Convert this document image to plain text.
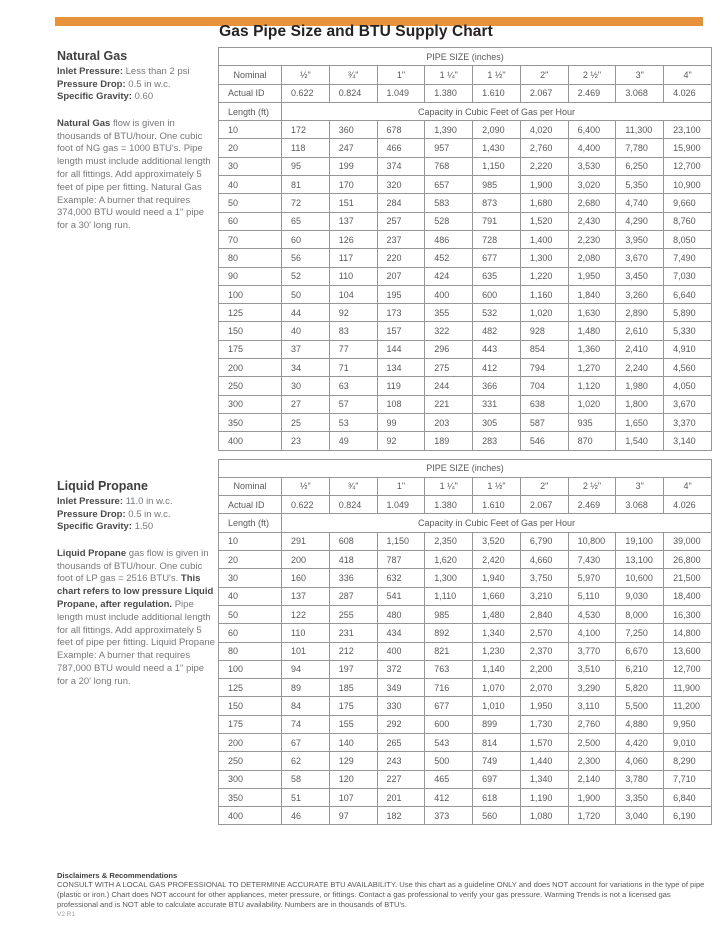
Gas Pipe Size and BTU Supply Chart
Natural Gas
Inlet Pressure: Less than 2 psi
Pressure Drop: 0.5 in w.c.
Specific Gravity: 0.60

Natural Gas flow is given in thousands of BTU/hour. One cubic foot of NG gas = 1000 BTU's. Pipe length must include additional length for all fittings. Add approximately 5 feet of pipe per fitting. Natural Gas Example: A burner that requires 374,000 BTU would need a 1" pipe for a 30' long run.

Liquid Propane
Inlet Pressure: 11.0 in w.c.
Pressure Drop: 0.5 in w.c.
Specific Gravity: 1.50

Liquid Propane gas flow is given in thousands of BTU/hour. One cubic foot of LP gas = 2516 BTU's. This chart refers to low pressure Liquid Propane, after regulation. Pipe length must include additional length for all fittings. Add approximately 5 feet of pipe per fitting. Liquid Propane Example: A burner that requires 787,000 BTU would need a 1" pipe for a 20' long run.

PIPE SIZE (inches)									
Nominal	½"	¾"	1"	1 ¼"	1 ½"	2"	2 ½"	3"	4"
Actual ID	0.622	0.824	1.049	1.380	1.610	2.067	2.469	3.068	4.026
Length (ft)	Capacity in Cubic Feet of Gas per Hour								
10	172	360	678	1,390	2,090	4,020	6,400	11,300	23,100
20	118	247	466	957	1,430	2,760	4,400	7,780	15,900
30	95	199	374	768	1,150	2,220	3,530	6,250	12,700
40	81	170	320	657	985	1,900	3,020	5,350	10,900
50	72	151	284	583	873	1,680	2,680	4,740	9,660
60	65	137	257	528	791	1,520	2,430	4,290	8,760
70	60	126	237	486	728	1,400	2,230	3,950	8,050
80	56	117	220	452	677	1,300	2,080	3,670	7,490
90	52	110	207	424	635	1,220	1,950	3,450	7,030
100	50	104	195	400	600	1,160	1,840	3,260	6,640
125	44	92	173	355	532	1,020	1,630	2,890	5,890
150	40	83	157	322	482	928	1,480	2,610	5,330
175	37	77	144	296	443	854	1,360	2,410	4,910
200	34	71	134	275	412	794	1,270	2,240	4,560
250	30	63	119	244	366	704	1,120	1,980	4,050
300	27	57	108	221	331	638	1,020	1,800	3,670
350	25	53	99	203	305	587	935	1,650	3,370
400	23	49	92	189	283	546	870	1,540	3,140
PIPE SIZE (inches)									
Nominal	½"	¾"	1"	1 ¼"	1 ½"	2"	2 ½"	3"	4"
Actual ID	0.622	0.824	1.049	1.380	1.610	2.067	2.469	3.068	4.026
Length (ft)	Capacity in Cubic Feet of Gas per Hour								
10	291	608	1,150	2,350	3,520	6,790	10,800	19,100	39,000
20	200	418	787	1,620	2,420	4,660	7,430	13,100	26,800
30	160	336	632	1,300	1,940	3,750	5,970	10,600	21,500
40	137	287	541	1,110	1,660	3,210	5,110	9,030	18,400
50	122	255	480	985	1,480	2,840	4,530	8,000	16,300
60	110	231	434	892	1,340	2,570	4,100	7,250	14,800
80	101	212	400	821	1,230	2,370	3,770	6,670	13,600
100	94	197	372	763	1,140	2,200	3,510	6,210	12,700
125	89	185	349	716	1,070	2,070	3,290	5,820	11,900
150	84	175	330	677	1,010	1,950	3,110	5,500	11,200
175	74	155	292	600	899	1,730	2,760	4,880	9,950
200	67	140	265	543	814	1,570	2,500	4,420	9,010
250	62	129	243	500	749	1,440	2,300	4,060	8,290
300	58	120	227	465	697	1,340	2,140	3,780	7,710
350	51	107	201	412	618	1,190	1,900	3,350	6,840
400	46	97	182	373	560	1,080	1,720	3,040	6,190
Disclaimers & Recommendations
CONSULT WITH A LOCAL GAS PROFESSIONAL TO DETERMINE ACCURATE BTU AVAILABILITY. Use this chart as a guideline ONLY and does NOT account for variations in the type of pipe (plastic or iron.) Chart does NOT account for other appliances, meter pressure, or fittings. Contact a gas professional to verify your gas pressure. Warming Trends is not a licensed gas professional and is NOT able to calculate accurate BTU availability. Numbers are in thousands of BTU's.
V2 R1
